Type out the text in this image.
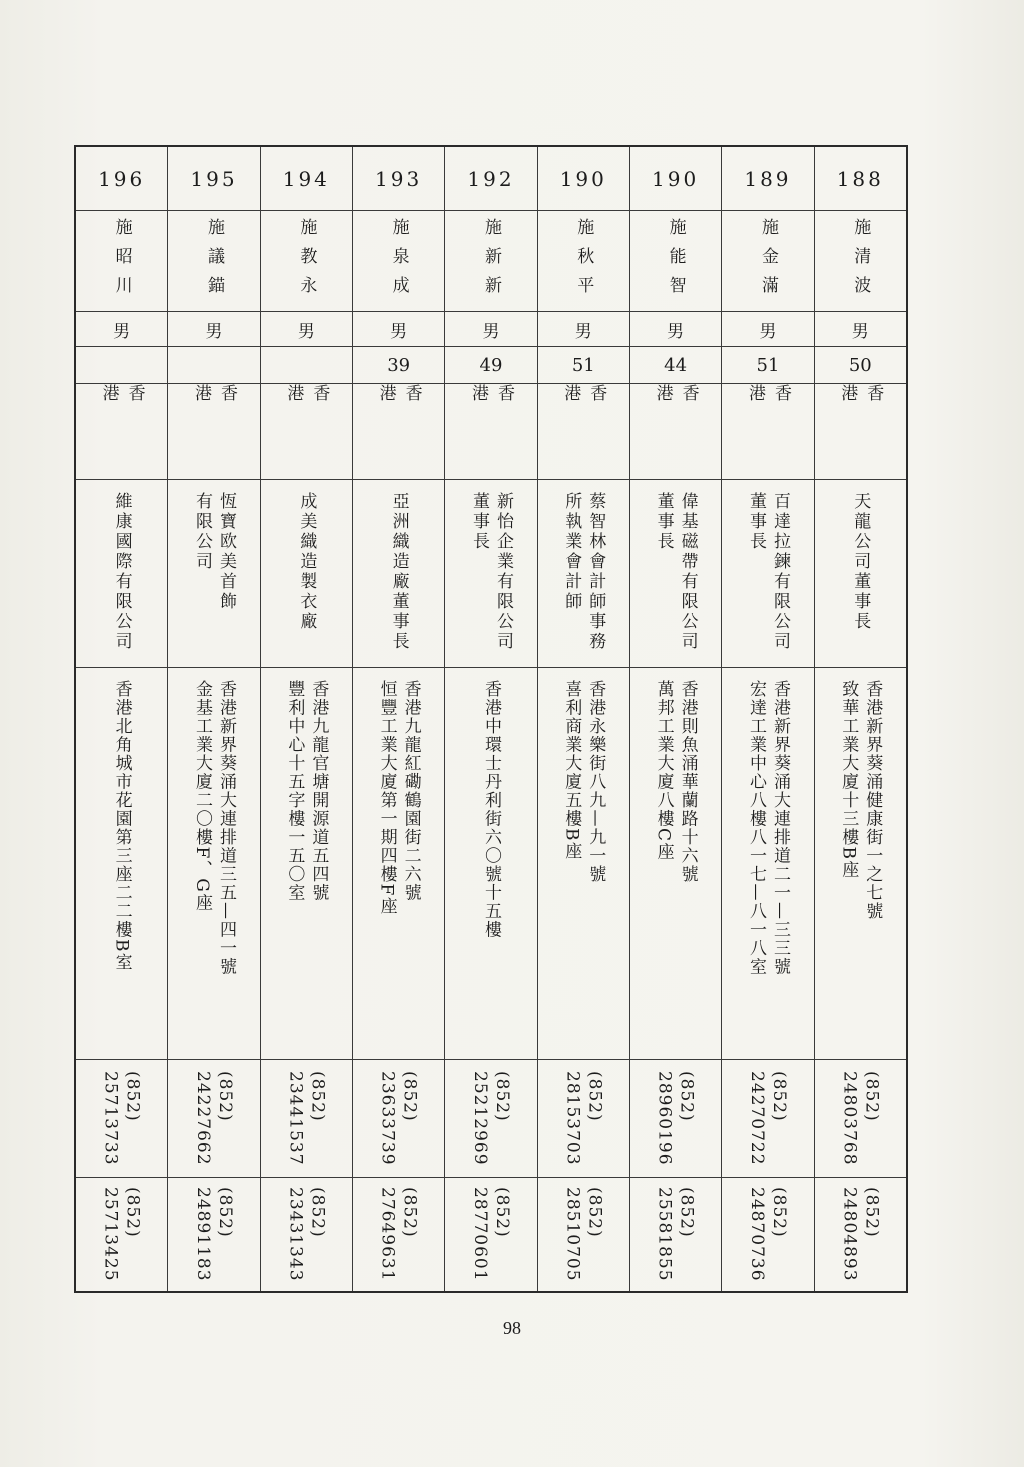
196
施昭川
男
香港
維康國際有限公司
香港北角城市花園第三座二二樓B室
(852)
25713733
(852)
25713425
195
施議錨
男
香港
恆寶欧美首飾
有限公司
香港新界葵涌大連排道三五—四一號
金基工業大廈二〇樓F、G座
(852)
24227662
(852)
24891183
194
施教永
男
香港
成美織造製衣廠
香港九龍官塘開源道五四號
豐利中心十五字樓一五〇室
(852)
23441537
(852)
23431343
193
施泉成
男
39
香港
亞洲織造廠董事長
香港九龍紅磡鶴園街二六號
恒豐工業大廈第一期四樓F座
(852)
23633739
(852)
27649631
192
施新新
男
49
香港
新怡企業有限公司
董事長
香港中環士丹利街六〇號十五樓
(852)
25212969
(852)
28770601
190
施秋平
男
51
香港
蔡智林會計師事務
所執業會計師
香港永樂街八九—九一號
喜利商業大廈五樓B座
(852)
28153703
(852)
28510705
190
施能智
男
44
香港
偉基磁帶有限公司
董事長
香港則魚涌華蘭路十六號
萬邦工業大廈八樓C座
(852)
28960196
(852)
25581855
189
施金滿
男
51
香港
百達拉鍊有限公司
董事長
香港新界葵涌大連排道二一—三三號
宏達工業中心八樓八一七—八一八室
(852)
24270722
(852)
24870736
188
施清波
男
50
香港
天龍公司董事長
香港新界葵涌健康街一之七號
致華工業大廈十三樓B座
(852)
24803768
(852)
24804893
98
